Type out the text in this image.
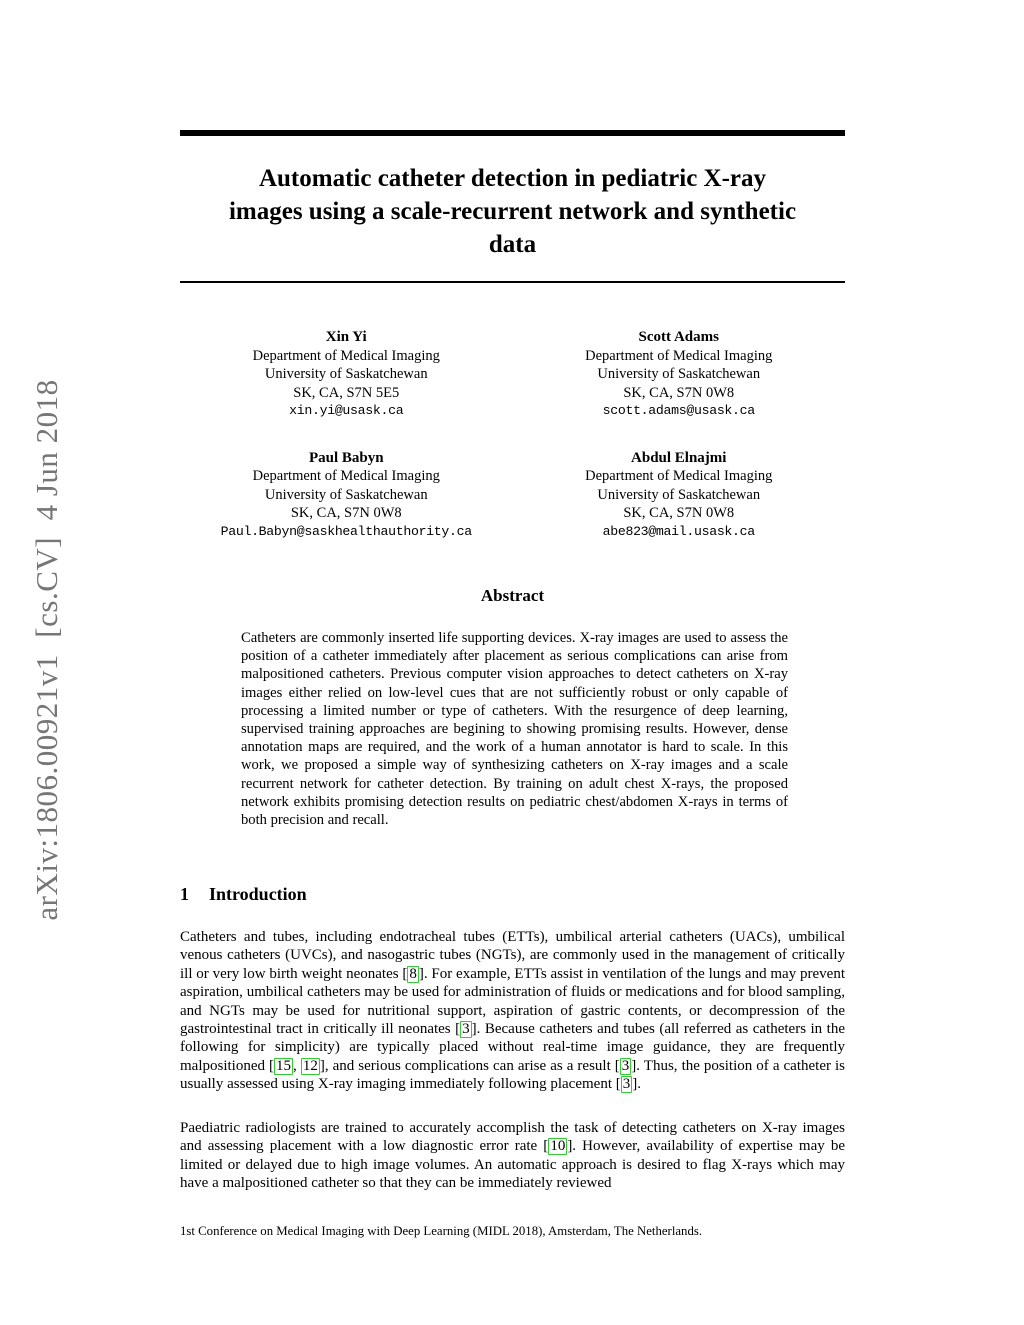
arXiv:1806.00921v1  [cs.CV]  4 Jun 2018
Automatic catheter detection in pediatric X-ray
images using a scale-recurrent network and synthetic
data
Xin Yi
Department of Medical Imaging
University of Saskatchewan
SK, CA, S7N 5E5
xin.yi@usask.ca
Scott Adams
Department of Medical Imaging
University of Saskatchewan
SK, CA, S7N 0W8
scott.adams@usask.ca
Paul Babyn
Department of Medical Imaging
University of Saskatchewan
SK, CA, S7N 0W8
Paul.Babyn@saskhealthauthority.ca
Abdul Elnajmi
Department of Medical Imaging
University of Saskatchewan
SK, CA, S7N 0W8
abe823@mail.usask.ca
Abstract
Catheters are commonly inserted life supporting devices. X-ray images are used to assess the position of a catheter immediately after placement as serious complications can arise from malpositioned catheters. Previous computer vision approaches to detect catheters on X-ray images either relied on low-level cues that are not sufficiently robust or only capable of processing a limited number or type of catheters. With the resurgence of deep learning, supervised training approaches are begining to showing promising results. However, dense annotation maps are required, and the work of a human annotator is hard to scale. In this work, we proposed a simple way of synthesizing catheters on X-ray images and a scale recurrent network for catheter detection. By training on adult chest X-rays, the proposed network exhibits promising detection results on pediatric chest/abdomen X-rays in terms of both precision and recall.
1 Introduction

Catheters and tubes, including endotracheal tubes (ETTs), umbilical arterial catheters (UACs), umbilical venous catheters (UVCs), and nasogastric tubes (NGTs), are commonly used in the management of critically ill or very low birth weight neonates [ 8 ]. For example, ETTs assist in ventilation of the lungs and may prevent aspiration, umbilical catheters may be used for administration of fluids or medications and for blood sampling, and NGTs may be used for nutritional support, aspiration of gastric contents, or decompression of the gastrointestinal tract in critically ill neonates [ 3 ]. Because catheters and tubes (all referred as catheters in the following for simplicity) are typically placed without real-time image guidance, they are frequently malpositioned [ 15 , 12 ], and serious complications can arise as a result [ 3 ]. Thus, the position of a catheter is usually assessed using X-ray imaging immediately following placement [ 3 ].

Paediatric radiologists are trained to accurately accomplish the task of detecting catheters on X-ray images and assessing placement with a low diagnostic error rate [ 10 ]. However, availability of expertise may be limited or delayed due to high image volumes. An automatic approach is desired to flag X-rays which may have a malpositioned catheter so that they can be immediately reviewed

1st Conference on Medical Imaging with Deep Learning (MIDL 2018), Amsterdam, The Netherlands.
